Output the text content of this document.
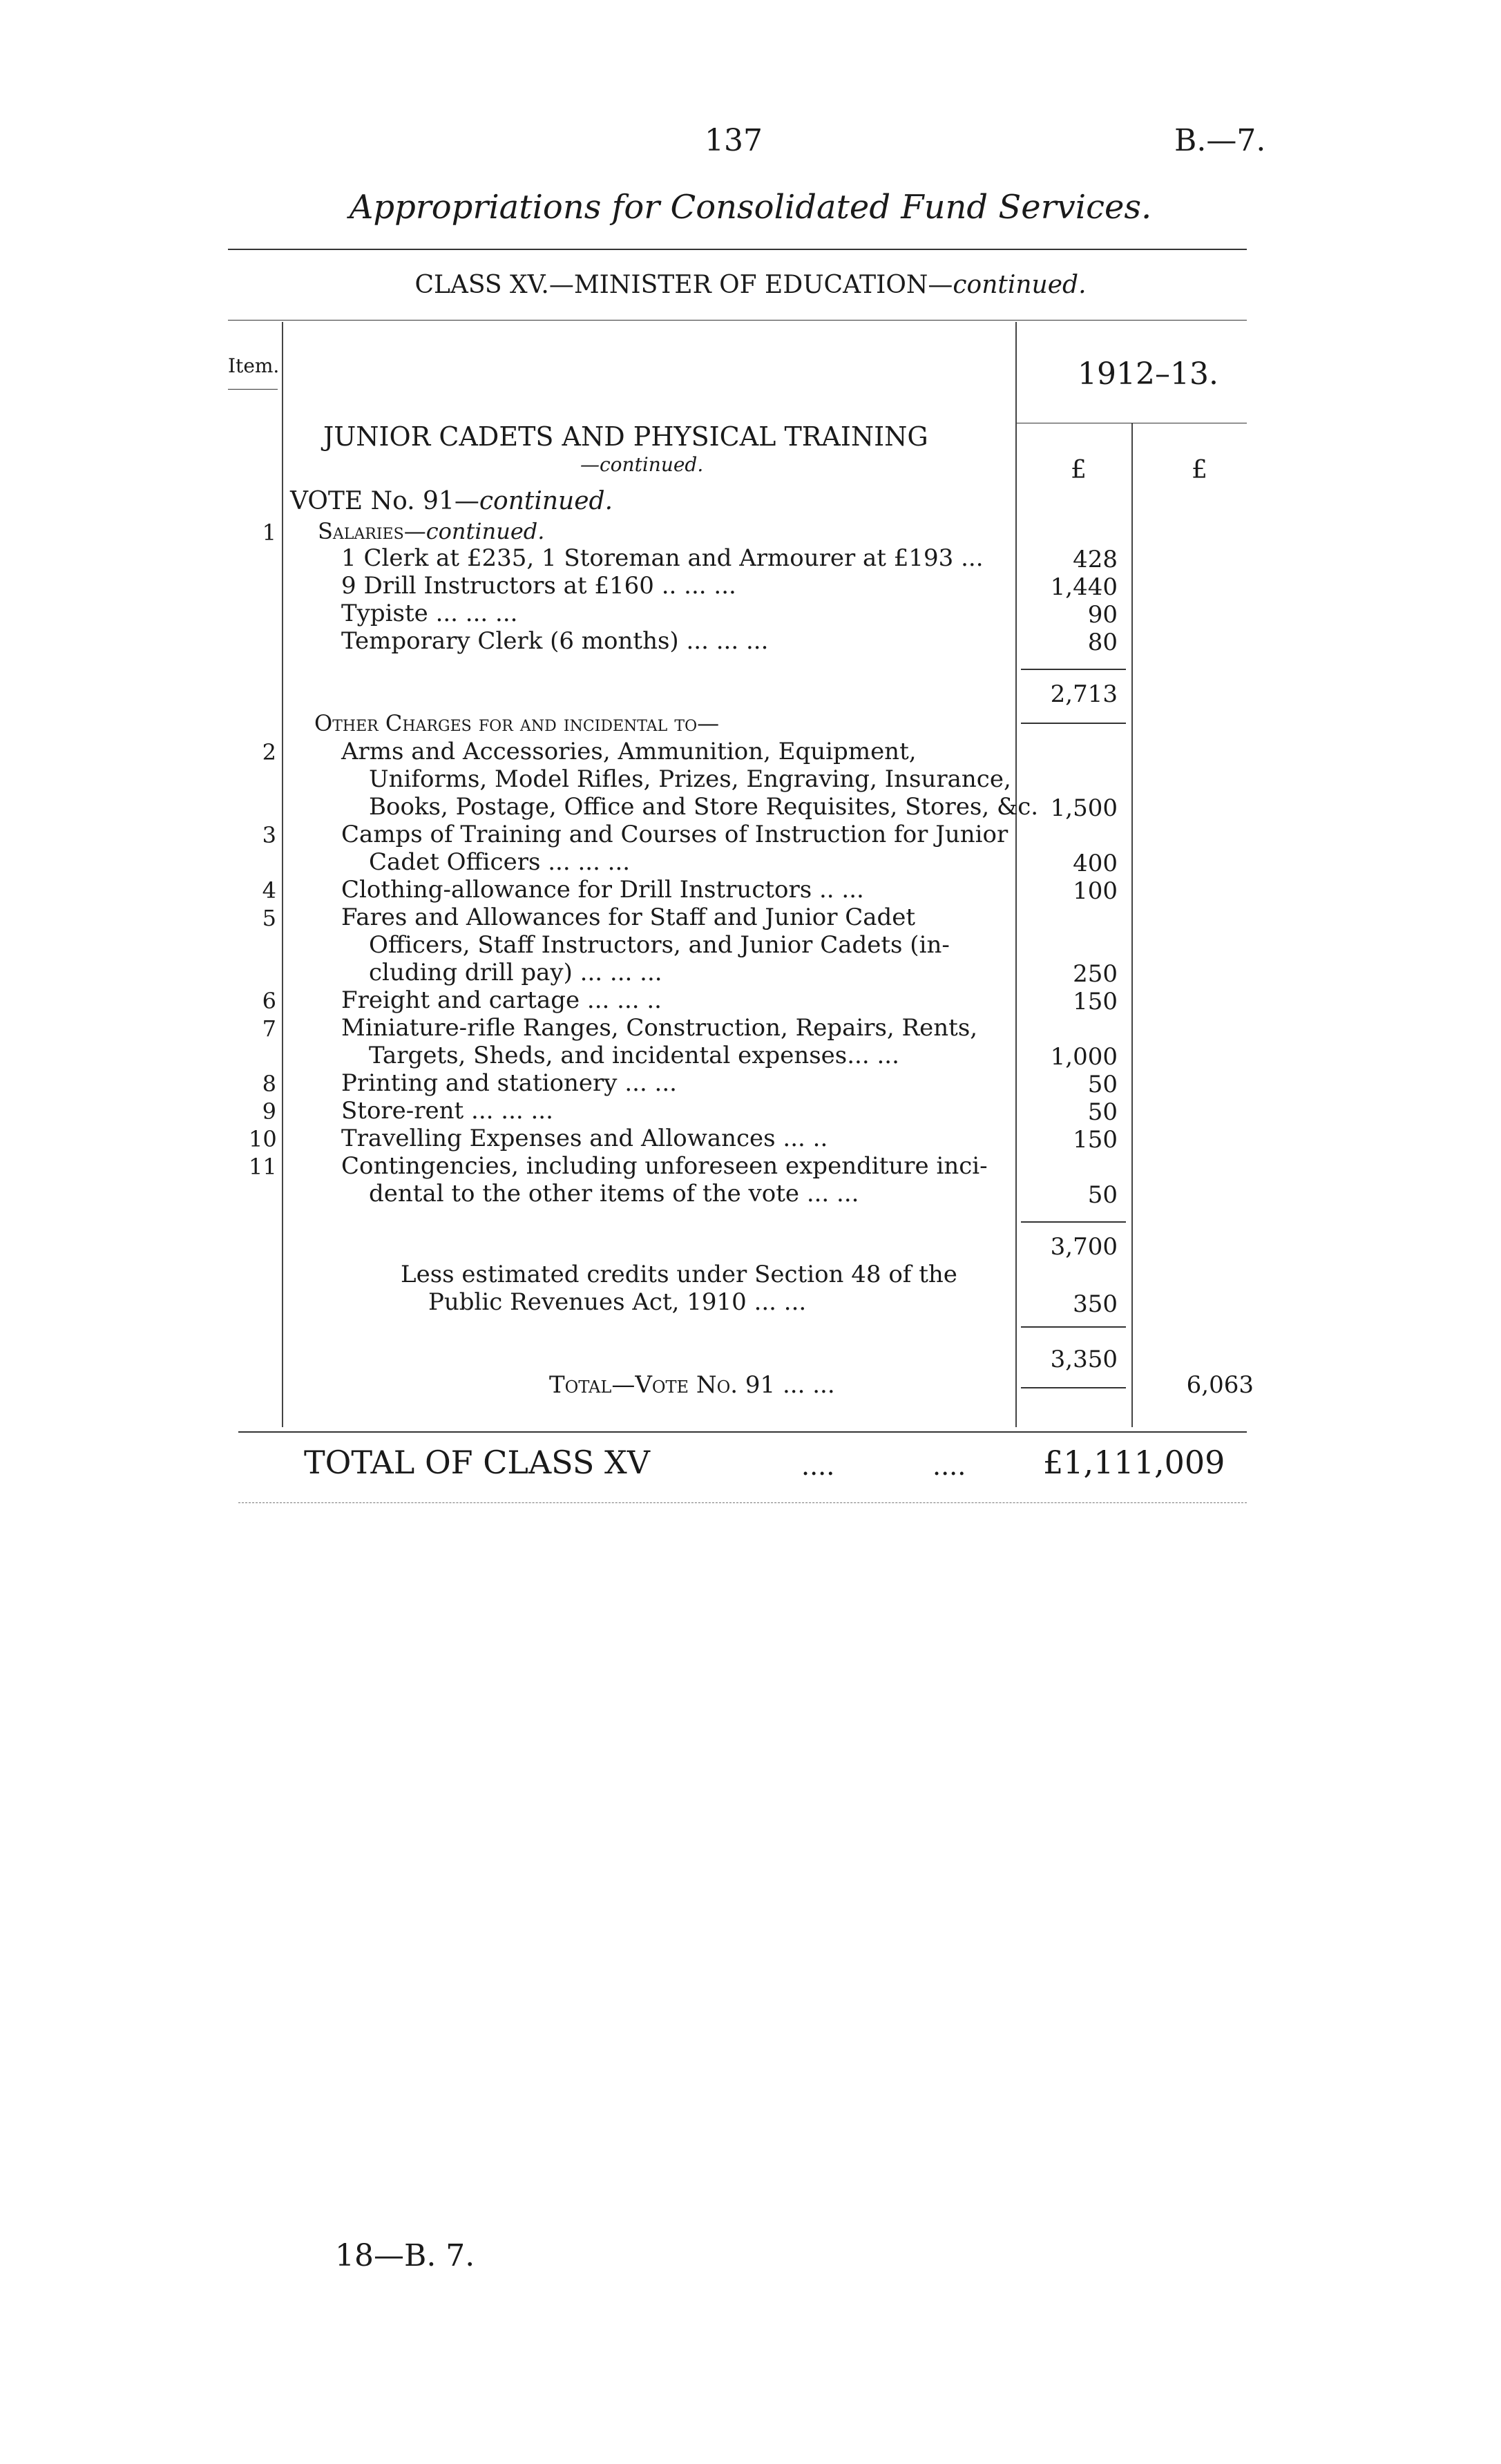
137	B.—7.
Appropriations for Consolidated Fund Services.
CLASS XV.—MINISTER OF EDUCATION—continued.
Item.	1912–13.
£	£
JUNIOR CADETS AND PHYSICAL TRAINING
—continued.
VOTE No. 91—continued.
1 Salaries—continued.
1 Clerk at £235, 1 Storeman and Armourer at £193 ...	428
9 Drill Instructors at £160 .. ... ...	1,440
Typiste ... ... ...	90
Temporary Clerk (6 months) ... ... ...	80
2,713
Other Charges for and incidental to—
2	Arms and Accessories, Ammunition, Equipment,
Uniforms, Model Rifles, Prizes, Engraving, Insurance,
Books, Postage, Office and Store Requisites, Stores, &c. 1,500
3	Camps of Training and Courses of Instruction for Junior
Cadet Officers ... ... ...	400
4	Clothing-allowance for Drill Instructors .. ...	100
5	Fares and Allowances for Staff and Junior Cadet
Officers, Staff Instructors, and Junior Cadets (in-
cluding drill pay) ... ... ...	250
6	Freight and cartage ... ... ..	150
7	Miniature-rifle Ranges, Construction, Repairs, Rents,
Targets, Sheds, and incidental expenses... ...	1,000
8	Printing and stationery ... ...	50
9	Store-rent ... ... ...	50
10	Travelling Expenses and Allowances ... ..	150
11	Contingencies, including unforeseen expenditure inci-
dental to the other items of the vote ... ...	50
3,700
Less estimated credits under Section 48 of the
Public Revenues Act, 1910 ... ...	350
3,350
Total—Vote No. 91 ... ...	6,063
TOTAL OF CLASS XV	....	.... £1,111,009
18—B. 7.
